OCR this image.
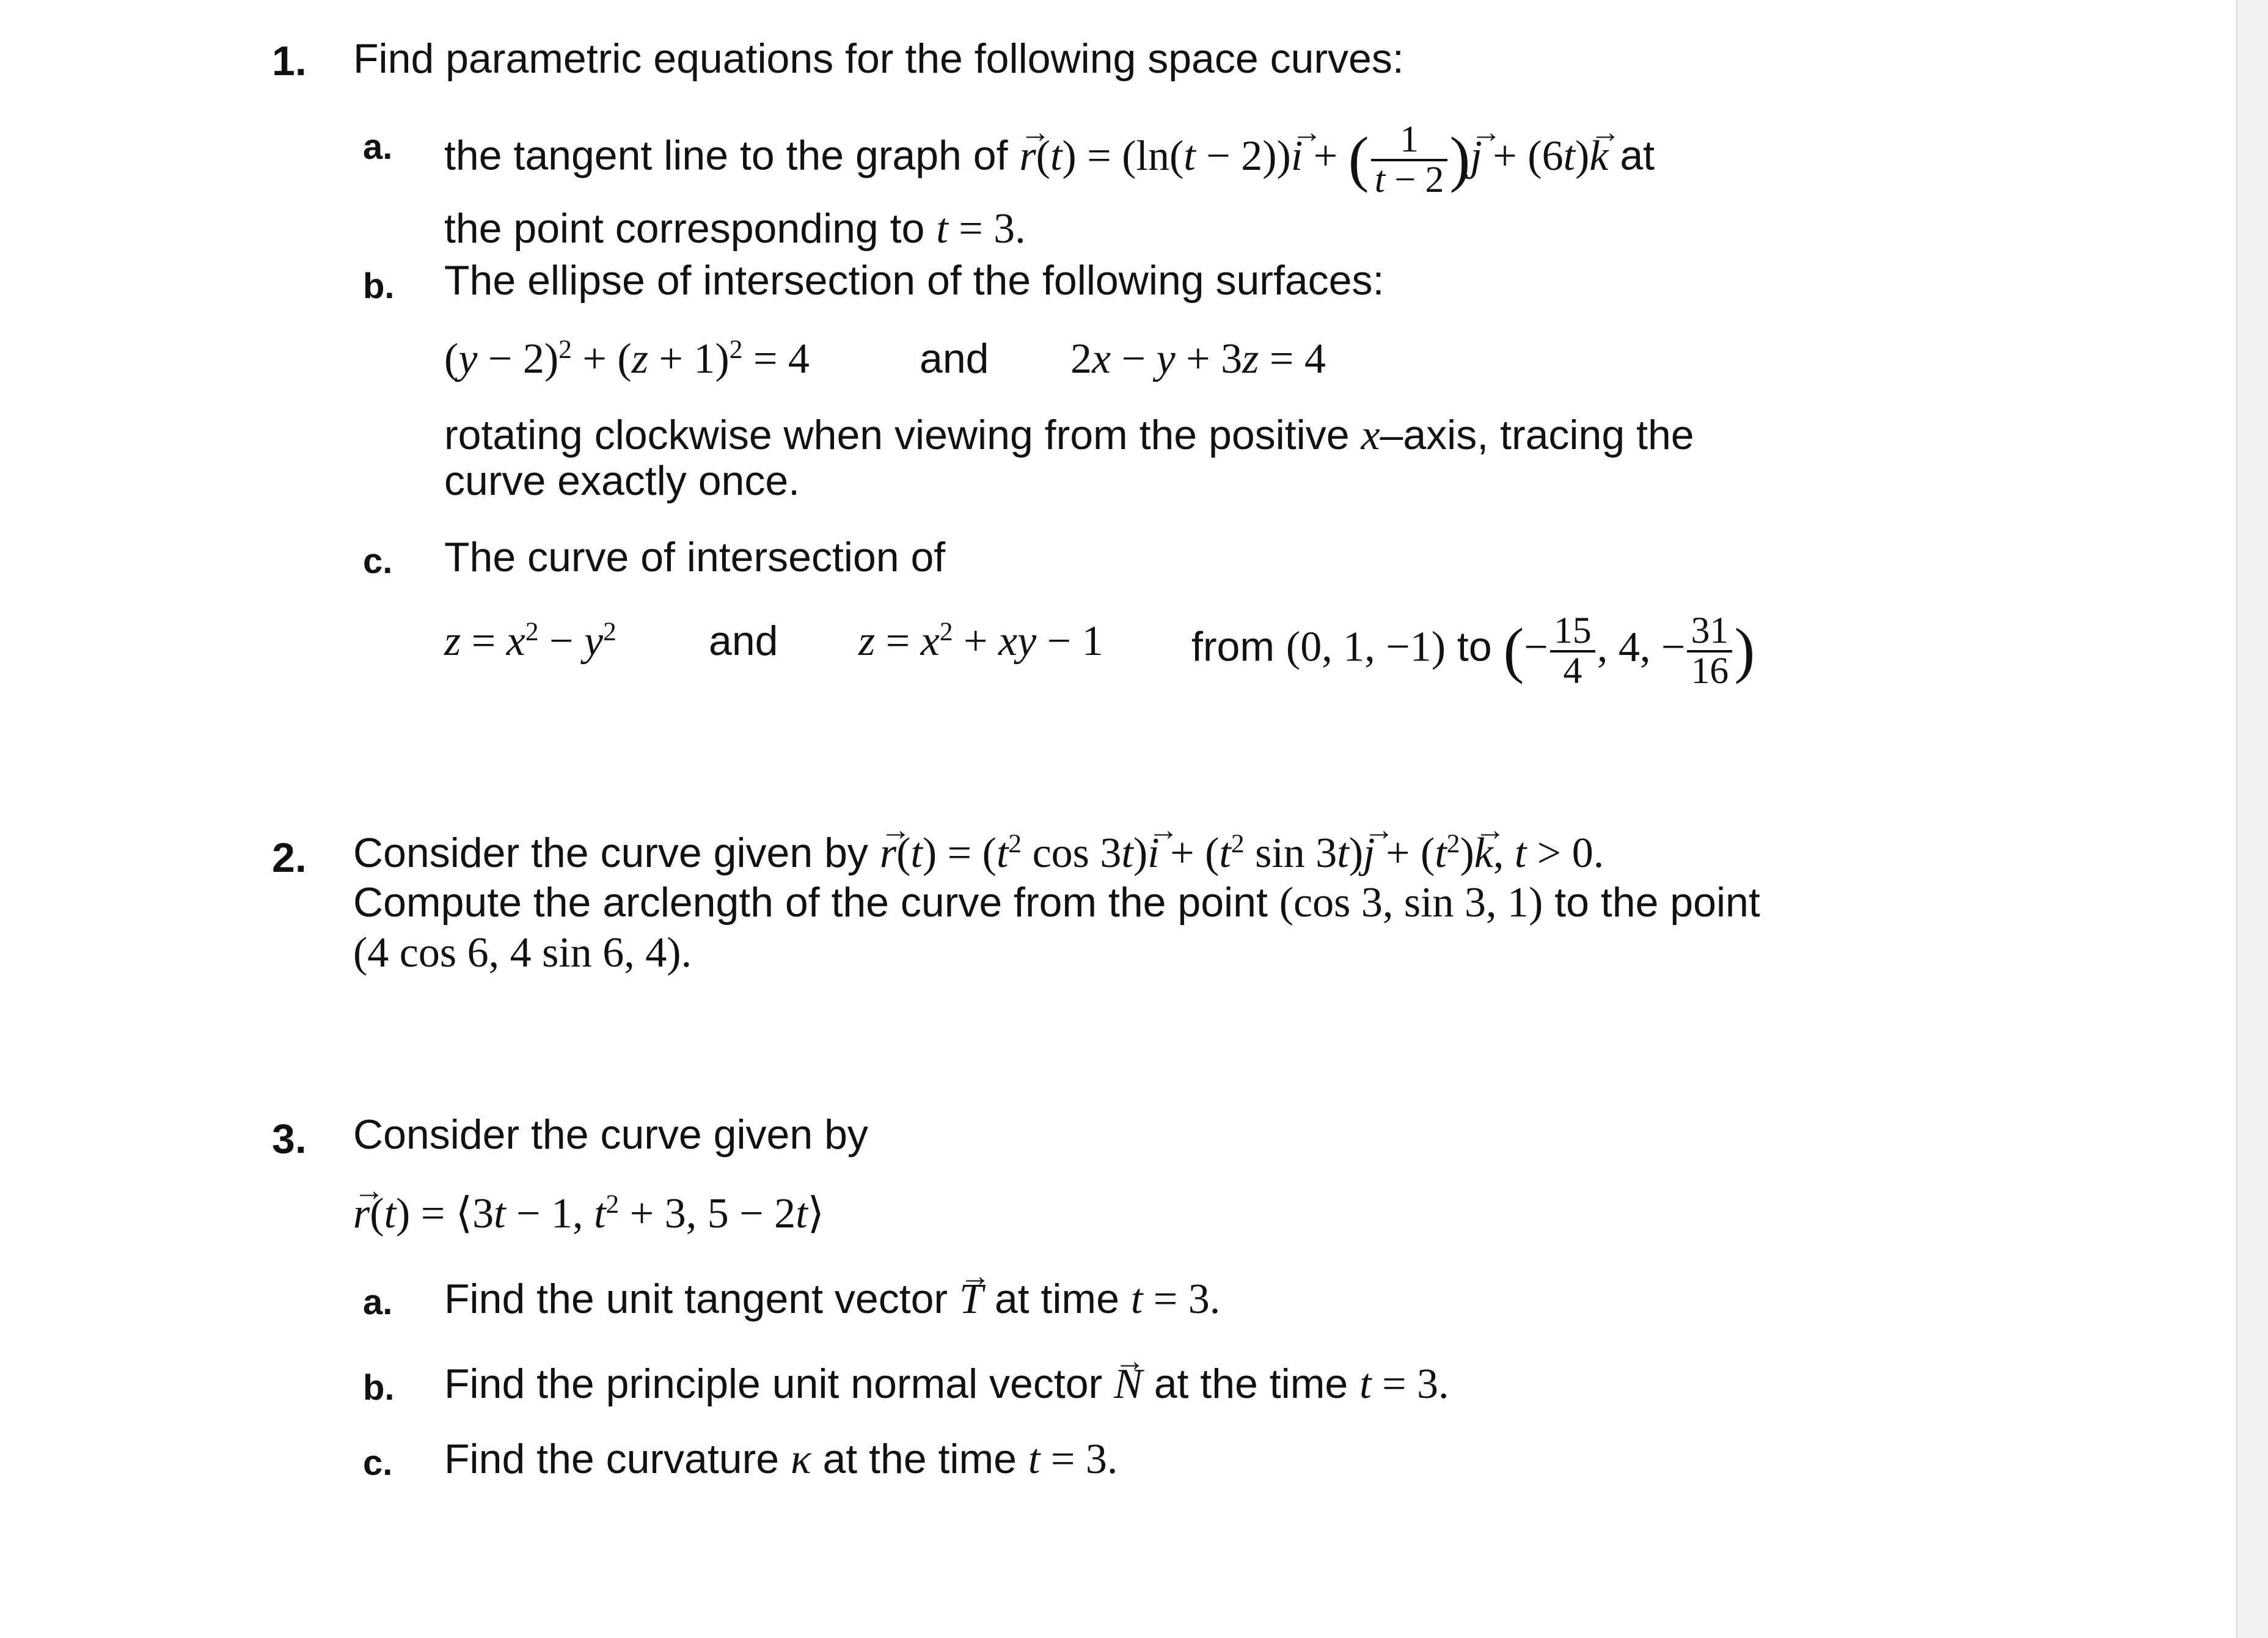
1. Find parametric equations for the following space curves:
a. the tangent line to the graph of → r(t) = (ln(t − 2))→ i + ( $\frac{1}{t - 2}$ )→ j + (6t)→ k at
the point corresponding to t = 3.
b. The ellipse of intersection of the following surfaces:
$(y - 2)^2 + (z + 1)^2 = 4$	and 2x − y + 3z = 4
rotating clockwise when viewing from the positive x–axis, tracing the
curve exactly once.
c. The curve of intersection of
$z = x^2 - y^2$ and $z = x^2$ + xy − 1 from (0, 1, −1) to (− $\frac{15}{4}$ , 4, − $\frac{31}{16}$ )
2. Consider the curve given by → $r(t) = (t^2$ $\cos 3t)\to i + (t^2$ $\sin 3t)\to j + (t^2)\to k$, t > 0.
Compute the arclength of the curve from the point (cos 3, sin 3, 1) to the point
(4 cos 6, 4 sin 6, 4).
3. Consider the curve given by
→ r(t) = ⟨3t − 1, $t^2 + 3$, 5 − 2t⟩
a. Find the unit tangent vector → T at time t = 3.
b. Find the principle unit normal vector → N at the time t = 3.
c. Find the curvature κ at the time t = 3.
